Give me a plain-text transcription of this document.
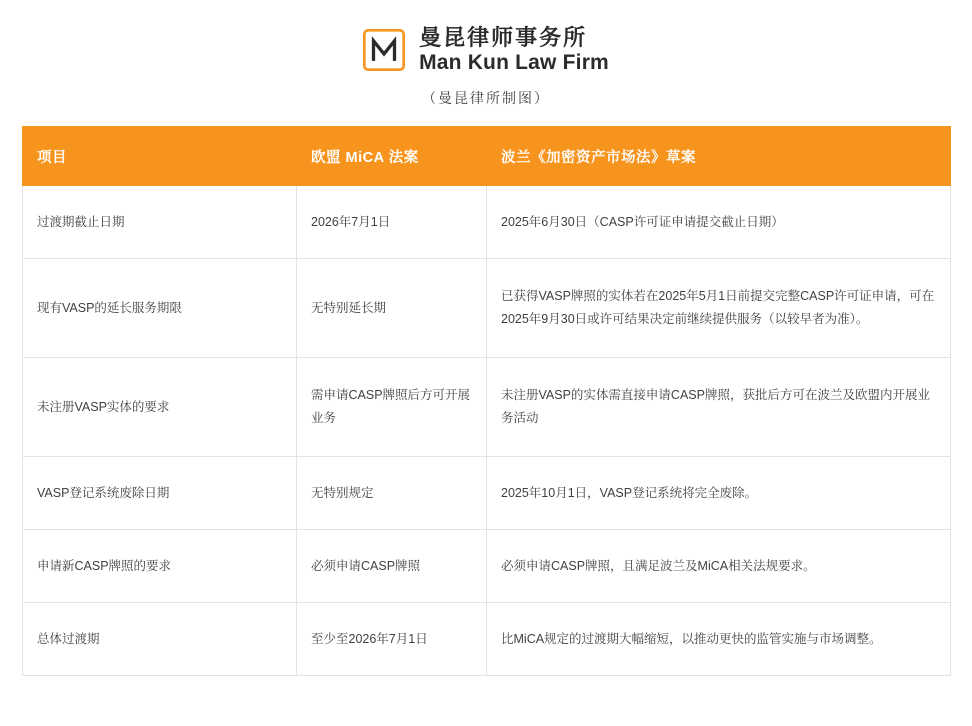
曼昆律师事务所
Man Kun Law Firm
（曼昆律所制图）
项目	欧盟 MiCA 法案	波兰《加密资产市场法》草案
过渡期截止日期	2026年7月1日	2025年6月30日（CASP许可证申请提交截止日期）
现有VASP的延长服务期限	无特别延长期	已获得VASP牌照的实体若在2025年5月1日前提交完整CASP许可证申请，可在2025年9月30日或许可结果决定前继续提供服务（以较早者为准）。
未注册VASP实体的要求	需申请CASP牌照后方可开展业务	未注册VASP的实体需直接申请CASP牌照，获批后方可在波兰及欧盟内开展业务活动
VASP登记系统废除日期	无特别规定	2025年10月1日，VASP登记系统将完全废除。
申请新CASP牌照的要求	必须申请CASP牌照	必须申请CASP牌照，且满足波兰及MiCA相关法规要求。
总体过渡期	至少至2026年7月1日	比MiCA规定的过渡期大幅缩短，以推动更快的监管实施与市场调整。
